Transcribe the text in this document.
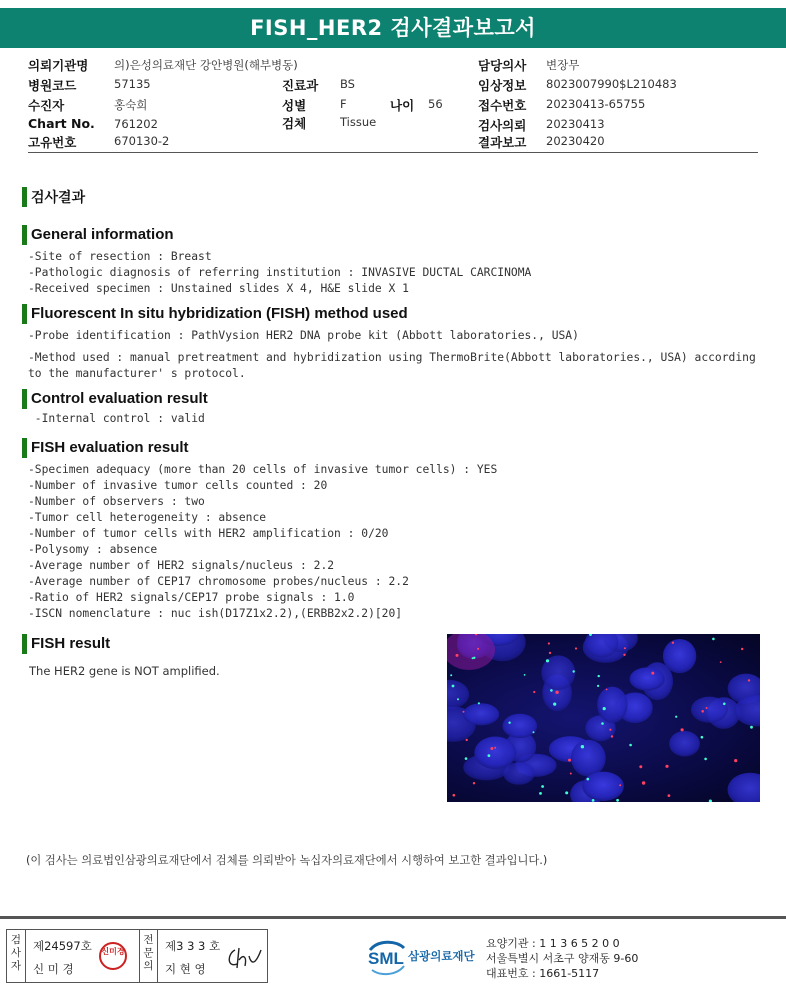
FISH_HER2 검사결과보고서
의뢰기관명 의)은성의료재단 강안병원(해부병동)	담당의사 변장무
병원코드	57135	진료과 BS	임상정보 8023007990$L210483
수진자	홍숙희	성별	F	나이 56	접수번호 20230413-65755
Chart No. 761202	검체	Tissue	검사의뢰 20230413
고유번호	670130-2	결과보고 20230420
검사결과
General information
-Site of resection : Breast
-Pathologic diagnosis of referring institution : INVASIVE DUCTAL CARCINOMA
-Received specimen : Unstained slides X 4, H&E slide X 1
Fluorescent In situ hybridization (FISH) method used
-Probe identification : PathVysion HER2 DNA probe kit (Abbott laboratories., USA)
-Method used : manual pretreatment and hybridization using ThermoBrite(Abbott laboratories., USA) according
to the manufacturer' s protocol.
Control evaluation result
-Internal control : valid
FISH evaluation result
-Specimen adequacy (more than 20 cells of invasive tumor cells) : YES
-Number of invasive tumor cells counted : 20
-Number of observers : two
-Tumor cell heterogeneity : absence
-Number of tumor cells with HER2 amplification : 0/20
-Polysomy : absence
-Average number of HER2 signals/nucleus : 2.2
-Average number of CEP17 chromosome probes/nucleus : 2.2
-Ratio of HER2 signals/CEP17 probe signals : 1.0
-ISCN nomenclature : nuc ish(D17Z1x2.2),(ERBB2x2.2)[20]
FISH result
The HER2 gene is NOT amplified.
(이 검사는 의료법인삼광의료재단에서 검체를 의뢰받아 녹십자의료재단에서 시행하여 보고한 결과입니다.)
검
사
자
제24597호
신 미 경
신미경
전
문
의
제3 3 3 호
지 현 영
SML 삼광의료재단
요양기관 : 1 1 3 6 5 2 0 0
서울특별시 서초구 양재동 9-60
대표번호 : 1661-5117
